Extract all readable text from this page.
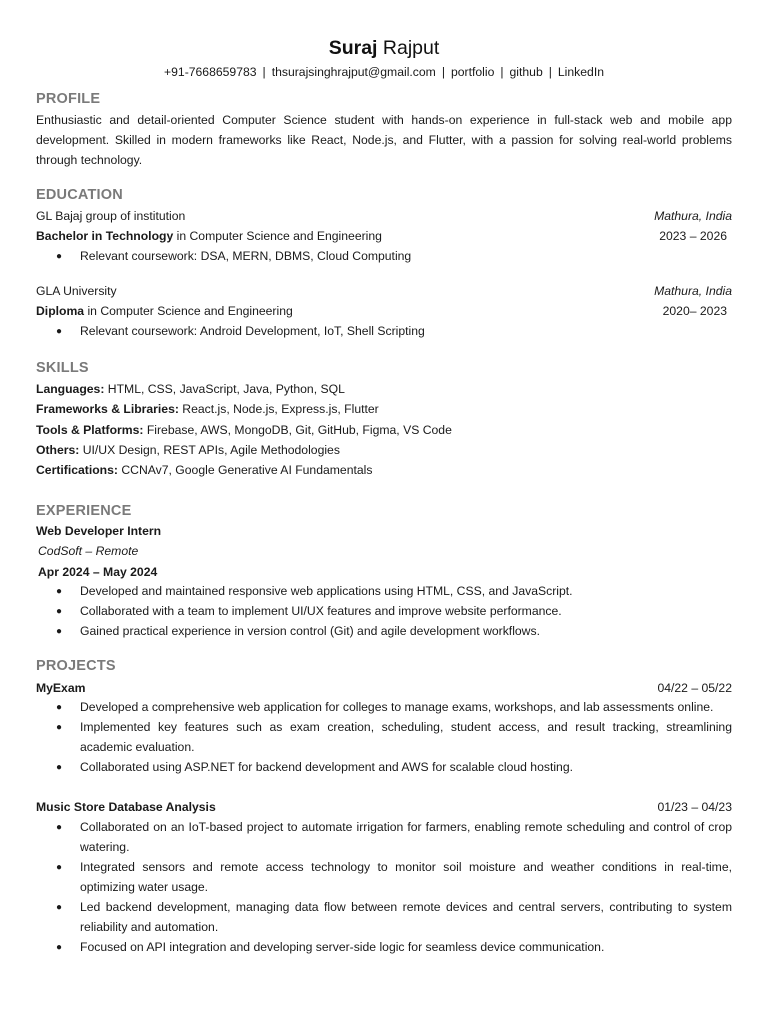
Suraj Rajput
+91-7668659783 | thsurajsinghrajput@gmail.com | portfolio | github | LinkedIn
PROFILE
Enthusiastic and detail-oriented Computer Science student with hands-on experience in full-stack web and mobile app development. Skilled in modern frameworks like React, Node.js, and Flutter, with a passion for solving real-world problems through technology.
EDUCATION
GL Bajaj group of institution	Mathura, India
Bachelor in Technology in Computer Science and Engineering	2023 – 2026
● Relevant coursework: DSA, MERN, DBMS, Cloud Computing
GLA University	Mathura, India
Diploma in Computer Science and Engineering	2020– 2023
● Relevant coursework: Android Development, IoT, Shell Scripting
SKILLS
Languages: HTML, CSS, JavaScript, Java, Python, SQL
Frameworks & Libraries: React.js, Node.js, Express.js, Flutter
Tools & Platforms: Firebase, AWS, MongoDB, Git, GitHub, Figma, VS Code
Others: UI/UX Design, REST APIs, Agile Methodologies
Certifications: CCNAv7, Google Generative AI Fundamentals
EXPERIENCE
Web Developer Intern
CodSoft – Remote
Apr 2024 – May 2024
● Developed and maintained responsive web applications using HTML, CSS, and JavaScript.
● Collaborated with a team to implement UI/UX features and improve website performance.
● Gained practical experience in version control (Git) and agile development workflows.
PROJECTS
MyExam	04/22 – 05/22
● Developed a comprehensive web application for colleges to manage exams, workshops, and lab assessments online.
● Implemented key features such as exam creation, scheduling, student access, and result tracking, streamlining academic evaluation.
● Collaborated using ASP.NET for backend development and AWS for scalable cloud hosting.
Music Store Database Analysis	01/23 – 04/23
● Collaborated on an IoT-based project to automate irrigation for farmers, enabling remote scheduling and control of crop watering.
● Integrated sensors and remote access technology to monitor soil moisture and weather conditions in real-time, optimizing water usage.
● Led backend development, managing data flow between remote devices and central servers, contributing to system reliability and automation.
● Focused on API integration and developing server-side logic for seamless device communication.
